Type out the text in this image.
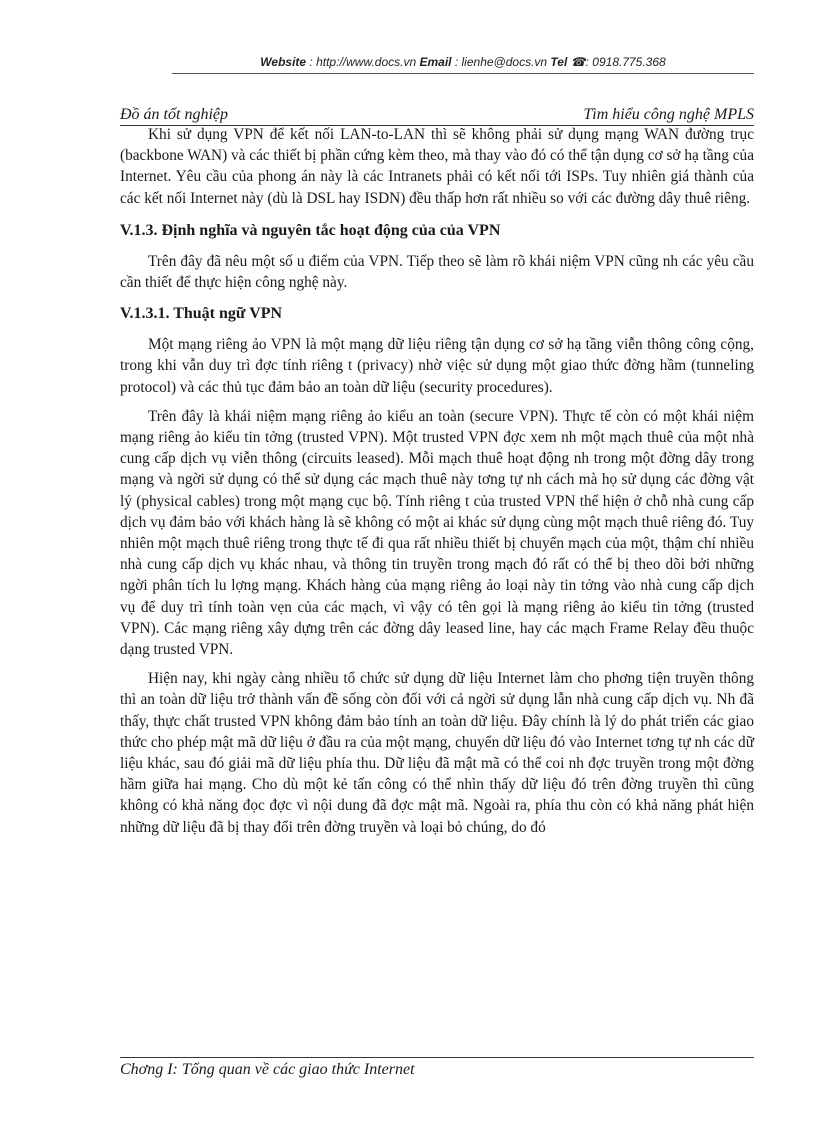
Website : http://www.docs.vn Email : lienhe@docs.vn Tel ☎: 0918.775.368
Đồ án tốt nghiệp	Tìm hiểu công nghệ MPLS

Khi sử dụng VPN để kết nối LAN-to-LAN thì sẽ không phải sử dụng mạng WAN đường trục (backbone WAN) và các thiết bị phần cứng kèm theo, mà thay vào đó có thể tận dụng cơ sở hạ tầng của Internet. Yêu cầu của phong án này là các Intranets phải có kết nối tới ISPs. Tuy nhiên giá thành của các kết nối Internet này (dù là DSL hay ISDN) đều thấp hơn rất nhiều so với các đường dây thuê riêng.

V.1.3. Định nghĩa và nguyên tắc hoạt động của của VPN

Trên đây đã nêu một số u điểm của VPN. Tiếp theo sẽ làm rõ khái niệm VPN cũng nh các yêu cầu cần thiết để thực hiện công nghệ này.

V.1.3.1. Thuật ngữ VPN

Một mạng riêng ảo VPN là một mạng dữ liệu riêng tận dụng cơ sở hạ tầng viễn thông công cộng, trong khi vẫn duy trì đợc tính riêng t (privacy) nhờ việc sử dụng một giao thức đờng hầm (tunneling protocol) và các thủ tục đảm bảo an toàn dữ liệu (security procedures).

Trên đây là khái niệm mạng riêng ảo kiểu an toàn (secure VPN). Thực tế còn có một khái niệm mạng riêng ảo kiểu tin tởng (trusted VPN). Một trusted VPN đợc xem nh một mạch thuê của một nhà cung cấp dịch vụ viễn thông (circuits leased). Mỗi mạch thuê hoạt động nh trong một đờng dây trong mạng và ngời sử dụng có thể sử dụng các mạch thuê này tơng tự nh cách mà họ sử dụng các đờng vật lý (physical cables) trong một mạng cục bộ. Tính riêng t của trusted VPN thể hiện ở chỗ nhà cung cấp dịch vụ đảm bảo với khách hàng là sẽ không có một ai khác sử dụng cùng một mạch thuê riêng đó. Tuy nhiên một mạch thuê riêng trong thực tế đi qua rất nhiều thiết bị chuyển mạch của một, thậm chí nhiều nhà cung cấp dịch vụ khác nhau, và thông tin truyền trong mạch đó rất có thể bị theo dõi bởi những ngời phân tích lu lợng mạng. Khách hàng của mạng riêng ảo loại này tin tởng vào nhà cung cấp dịch vụ để duy trì tính toàn vẹn của các mạch, vì vậy có tên gọi là mạng riêng ảo kiểu tin tởng (trusted VPN). Các mạng riêng xây dựng trên các đờng dây leased line, hay các mạch Frame Relay đều thuộc dạng trusted VPN.

Hiện nay, khi ngày càng nhiều tổ chức sử dụng dữ liệu Internet làm cho phơng tiện truyền thông thì an toàn dữ liệu trở thành vấn đề sống còn đối với cả ngời sử dụng lẫn nhà cung cấp dịch vụ. Nh đã thấy, thực chất trusted VPN không đảm bảo tính an toàn dữ liệu. Đây chính là lý do phát triển các giao thức cho phép mật mã dữ liệu ở đầu ra của một mạng, chuyển dữ liệu đó vào Internet tơng tự nh các dữ liệu khác, sau đó giải mã dữ liệu phía thu. Dữ liệu đã mật mã có thể coi nh đợc truyền trong một đờng hầm giữa hai mạng. Cho dù một kẻ tấn công có thể nhìn thấy dữ liệu đó trên đờng truyền thì cũng không có khả năng đọc đợc vì nội dung đã đợc mật mã. Ngoài ra, phía thu còn có khả năng phát hiện những dữ liệu đã bị thay đổi trên đờng truyền và loại bỏ chúng, do đó

Chơng I: Tổng quan về các giao thức Internet
